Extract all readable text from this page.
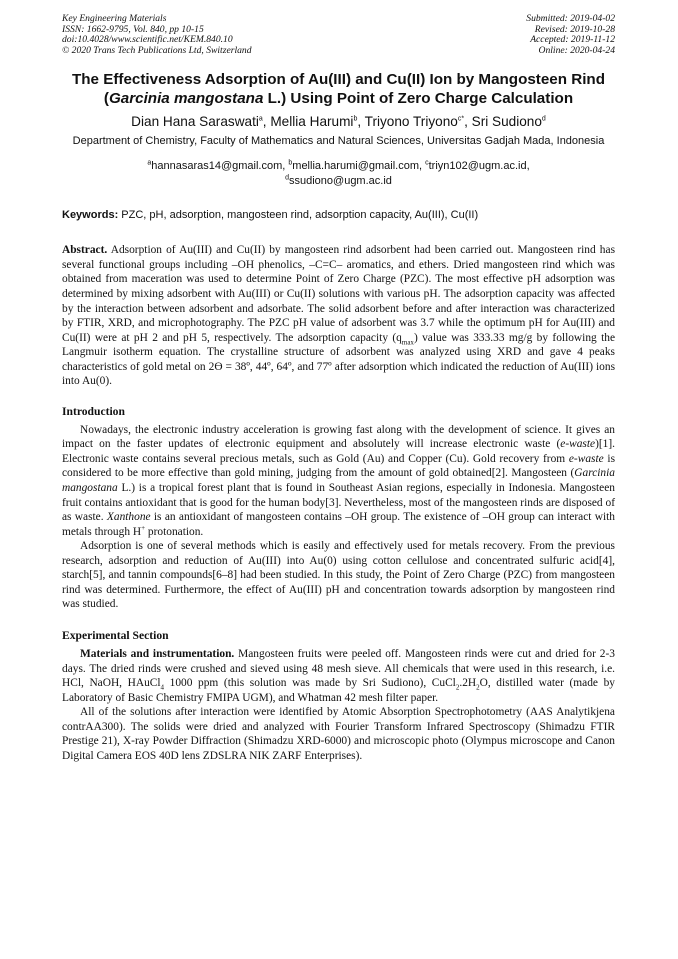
Key Engineering Materials
ISSN: 1662-9795, Vol. 840, pp 10-15
doi:10.4028/www.scientific.net/KEM.840.10
© 2020 Trans Tech Publications Ltd, Switzerland
Submitted: 2019-04-02
Revised: 2019-10-28
Accepted: 2019-11-12
Online: 2020-04-24
The Effectiveness Adsorption of Au(III) and Cu(II) Ion by Mangosteen Rind (Garcinia mangostana L.) Using Point of Zero Charge Calculation
Dian Hana Saraswati$^a$, Mellia Harumi$^b$, Triyono Triyono$^{c*}$, Sri Sudiono$^d$
Department of Chemistry, Faculty of Mathematics and Natural Sciences, Universitas Gadjah Mada, Indonesia
$^a$hannasaras14@gmail.com, $^b$mellia.harumi@gmail.com, $^c$triyn102@ugm.ac.id,
$^d$ssudiono@ugm.ac.id
Keywords: PZC, pH, adsorption, mangosteen rind, adsorption capacity, Au(III), Cu(II)

Abstract. Adsorption of Au(III) and Cu(II) by mangosteen rind adsorbent had been carried out. Mangosteen rind has several functional groups including –OH phenolics, –C=C– aromatics, and ethers. Dried mangosteen rind which was obtained from maceration was used to determine Point of Zero Charge (PZC). The most effective pH adsorption was determined by mixing adsorbent with Au(III) or Cu(II) solutions with various pH. The adsorption capacity was affected by the interaction between adsorbent and adsorbate. The solid adsorbent before and after interaction was characterized by FTIR, XRD, and microphotography. The PZC pH value of adsorbent was 3.7 while the optimum pH for Au(III) and Cu(II) were at pH 2 and pH 5, respectively. The adsorption capacity $(q_{max})$ value was 333.33 mg/g by following the Langmuir isotherm equation. The crystalline structure of adsorbent was analyzed using XRD and gave 4 peaks characteristics of gold metal on 2ϴ = 38º, 44º, 64º, and 77º after adsorption which indicated the reduction of Au(III) ions into Au(0).

Introduction

Nowadays, the electronic industry acceleration is growing fast along with the development of science. It gives an impact on the faster updates of electronic equipment and absolutely will increase electronic waste (e-waste)[1]. Electronic waste contains several precious metals, such as Gold (Au) and Copper (Cu). Gold recovery from e-waste is considered to be more effective than gold mining, judging from the amount of gold obtained[2]. Mangosteen (Garcinia mangostana L.) is a tropical forest plant that is found in Southeast Asian regions, especially in Indonesia. Mangosteen fruit contains antioxidant that is good for the human body[3]. Nevertheless, most of the mangosteen rinds are disposed of as waste. Xanthone is an antioxidant of mangosteen contains –OH group. The existence of –OH group can interact with metals through H+ protonation.

Adsorption is one of several methods which is easily and effectively used for metals recovery. From the previous research, adsorption and reduction of Au(III) into Au(0) using cotton cellulose and concentrated sulfuric acid[4], starch[5], and tannin compounds[6–8] had been studied. In this study, the Point of Zero Charge (PZC) from mangosteen rind was determined. Furthermore, the effect of Au(III) pH and concentration towards adsorption by mangosteen rind was studied.

Experimental Section

Materials and instrumentation. Mangosteen fruits were peeled off. Mangosteen rinds were cut and dried for 2-3 days. The dried rinds were crushed and sieved using 48 mesh sieve. All chemicals that were used in this research, i.e. HCl, NaOH, HAuCl$_4$ 1000 ppm (this solution was made by Sri Sudiono), $CuCl_2.2H_2O$, distilled water (made by Laboratory of Basic Chemistry FMIPA UGM), and Whatman 42 mesh filter paper.

All of the solutions after interaction were identified by Atomic Absorption Spectrophotometry (AAS Analytikjena contrAA300). The solids were dried and analyzed with Fourier Transform Infrared Spectroscopy (Shimadzu FTIR Prestige 21), X-ray Powder Diffraction (Shimadzu XRD-6000) and microscopic photo (Olympus microscope and Canon Digital Camera EOS 40D lens ZDSLRA NIK ZARF Enterprises).
